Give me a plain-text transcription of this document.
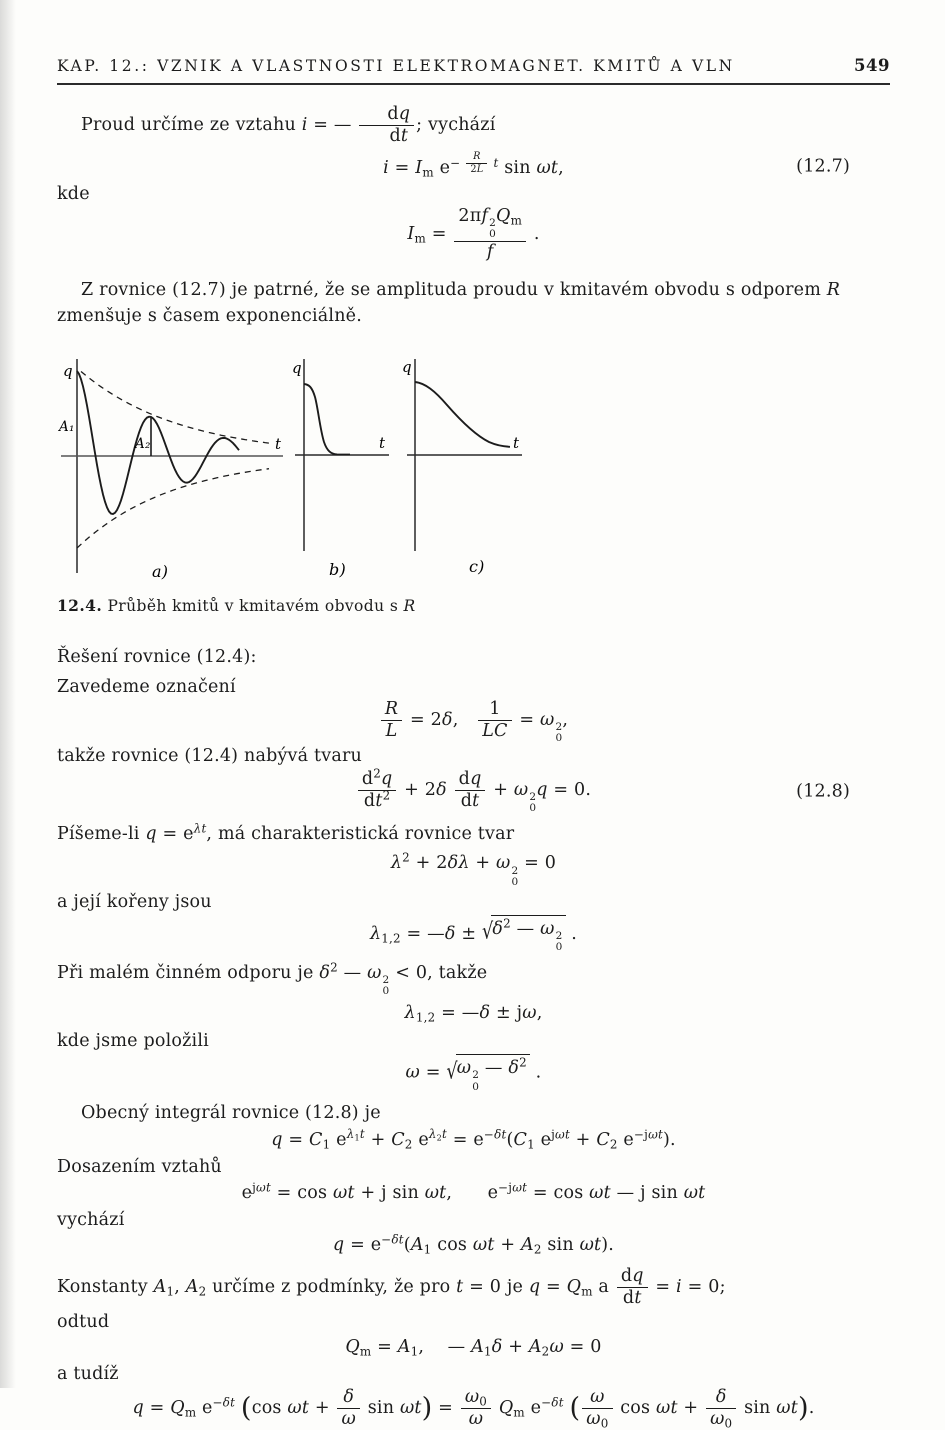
KAP. 12.: VZNIK A VLASTNOSTI ELEKTROMAGNET. KMITŮ A VLN	549
Proud určíme ze vztahu i = — $\frac{dq}{dt}$ ; vychází
$i = I_m$ $e^{- \frac{R}{2L} t}$ sin ωt,	(12.7)
kde
$I_m = 2\pi f$ 2
0
$Q_m$
f .
Z rovnice (12.7) je patrné, že se amplituda proudu v kmitavém obvodu s odporem R zmenšuje s časem exponenciálně.
q
t
A₁
A₂
a)
q
t
b)
q
t
c)
12.4. Průběh kmitů v kmitavém obvodu s R
Řešení rovnice (12.4):
Zavedeme označení
$\frac{R}{L} = 2\delta$,  $\frac{1}{LC} = \omega$ 2
0
,
takže rovnice (12.4) nabývá tvaru
$\frac{d^2q}{dt^2} + 2\delta \frac{dq}{dt} + \omega$ 2
0
q = 0.	(12.8)
Píšeme-li $q = e^{\lambda t}$, má charakteristická rovnice tvar
$\lambda^2 + 2\delta\lambda + \omega$ 2
0
= 0
a její kořeny jsou
$\lambda_{1,2}$ = —δ ± $√\delta^2$ — ω 2
0
.
Při malém činném odporu je $\delta^2$ — ω 2
0
< 0, takže
$\lambda_{1,2}$ = —δ ± jω,
kde jsme položili
ω = √ω 2
0
— $\delta^2$ .
Obecný integrál rovnice (12.8) je
$q = C_1$ $e^{\lambda_1t} + C_2$ $e^{\lambda_2t} = e^{-\delta t}(C_1$ $e^{j\omega t} + C_2$ $e^{-j\omega t}$).
Dosazením vztahů
$e^{j\omega t} = \cos \omega t + j$ sin ωt,  $e^{-j\omega t} = \cos \omega t$ — j sin ωt
vychází
$q = e^{-\delta t}(A_1$ $\cos \omega t + A_2$ sin ωt).
Konstanty $A_1$, $A_2$ určíme z podmínky, že pro t = 0 je $q = Q_m$ a $\frac{dq}{dt} = i = 0$;
odtud
$Q_m = A_1$,  — $A_1\delta + A_2\omega = 0$
a tudíž
$q = Q_m$ $e^{-\delta t}$ (cos $\omega t + \frac{\delta}{\omega}$ $\sin \omega t) = \frac{\omega_0}{\omega} Q_m$ $e^{-\delta t}$ ( $\frac{\omega}{\omega_0}$ $\cos \omega t + \frac{\delta}{\omega_0}$ sin ωt).
